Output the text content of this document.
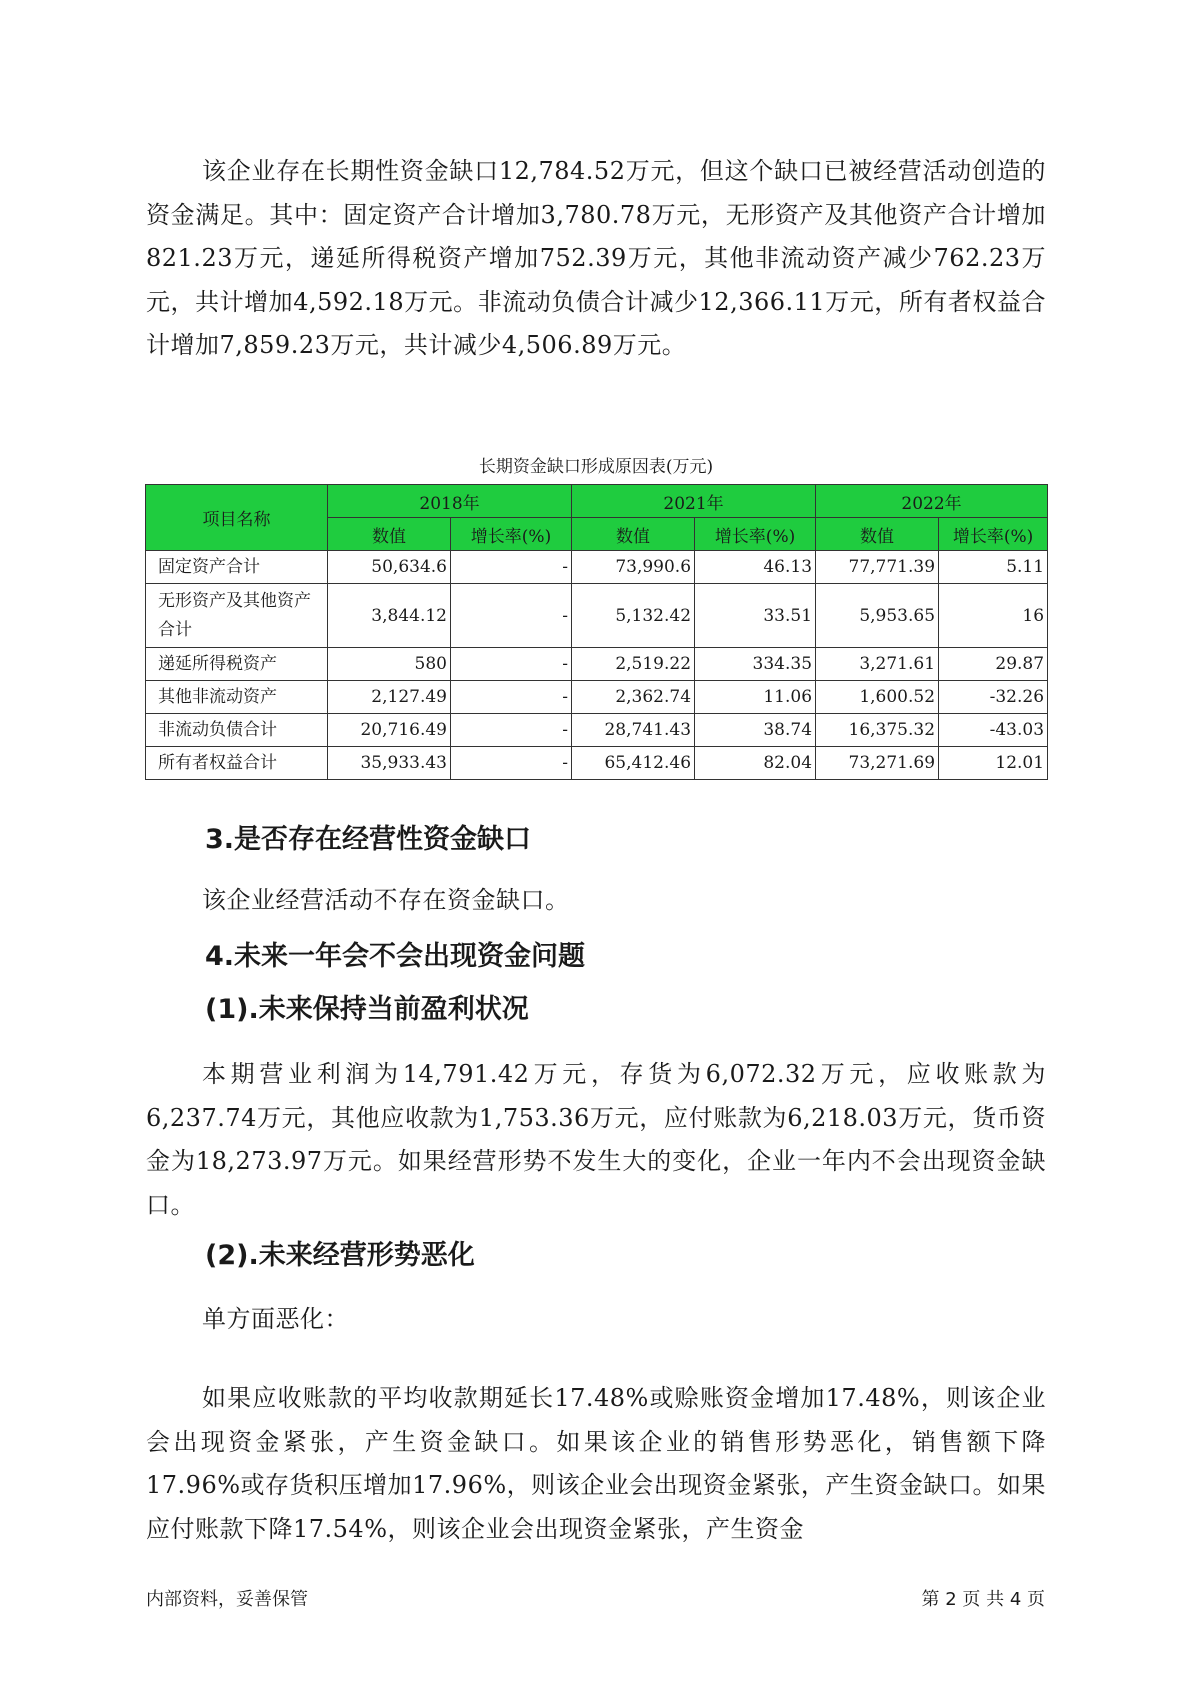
该企业存在长期性资金缺口12,784.52万元，但这个缺口已被经营活动创造的资金满足。其中：固定资产合计增加3,780.78万元，无形资产及其他资产合计增加821.23万元，递延所得税资产增加752.39万元，其他非流动资产减少762.23万元，共计增加4,592.18万元。非流动负债合计减少12,366.11万元，所有者权益合计增加7,859.23万元，共计减少4,506.89万元。

长期资金缺口形成原因表(万元)
项目名称	2018年		2021年		2022年	
	数值	增长率(%)	数值	增长率(%)	数值	增长率(%)
固定资产合计	50,634.6	-	73,990.6	46.13	77,771.39	5.11
无形资产及其他资产合计	3,844.12	-	5,132.42	33.51	5,953.65	16
递延所得税资产	580	-	2,519.22	334.35	3,271.61	29.87
其他非流动资产	2,127.49	-	2,362.74	11.06	1,600.52	-32.26
非流动负债合计	20,716.49	-	28,741.43	38.74	16,375.32	-43.03
所有者权益合计	35,933.43	-	65,412.46	82.04	73,271.69	12.01
3.是否存在经营性资金缺口

该企业经营活动不存在资金缺口。

4.未来一年会不会出现资金问题
(1).未来保持当前盈利状况

本期营业利润为14,791.42万元，存货为6,072.32万元，应收账款为6,237.74万元，其他应收款为1,753.36万元，应付账款为6,218.03万元，货币资金为18,273.97万元。如果经营形势不发生大的变化，企业一年内不会出现资金缺口。

(2).未来经营形势恶化

单方面恶化：

如果应收账款的平均收款期延长17.48%或赊账资金增加17.48%，则该企业会出现资金紧张，产生资金缺口。如果该企业的销售形势恶化，销售额下降17.96%或存货积压增加17.96%，则该企业会出现资金紧张，产生资金缺口。如果应付账款下降17.54%，则该企业会出现资金紧张，产生资金

内部资料，妥善保管	第 2 页 共 4 页
